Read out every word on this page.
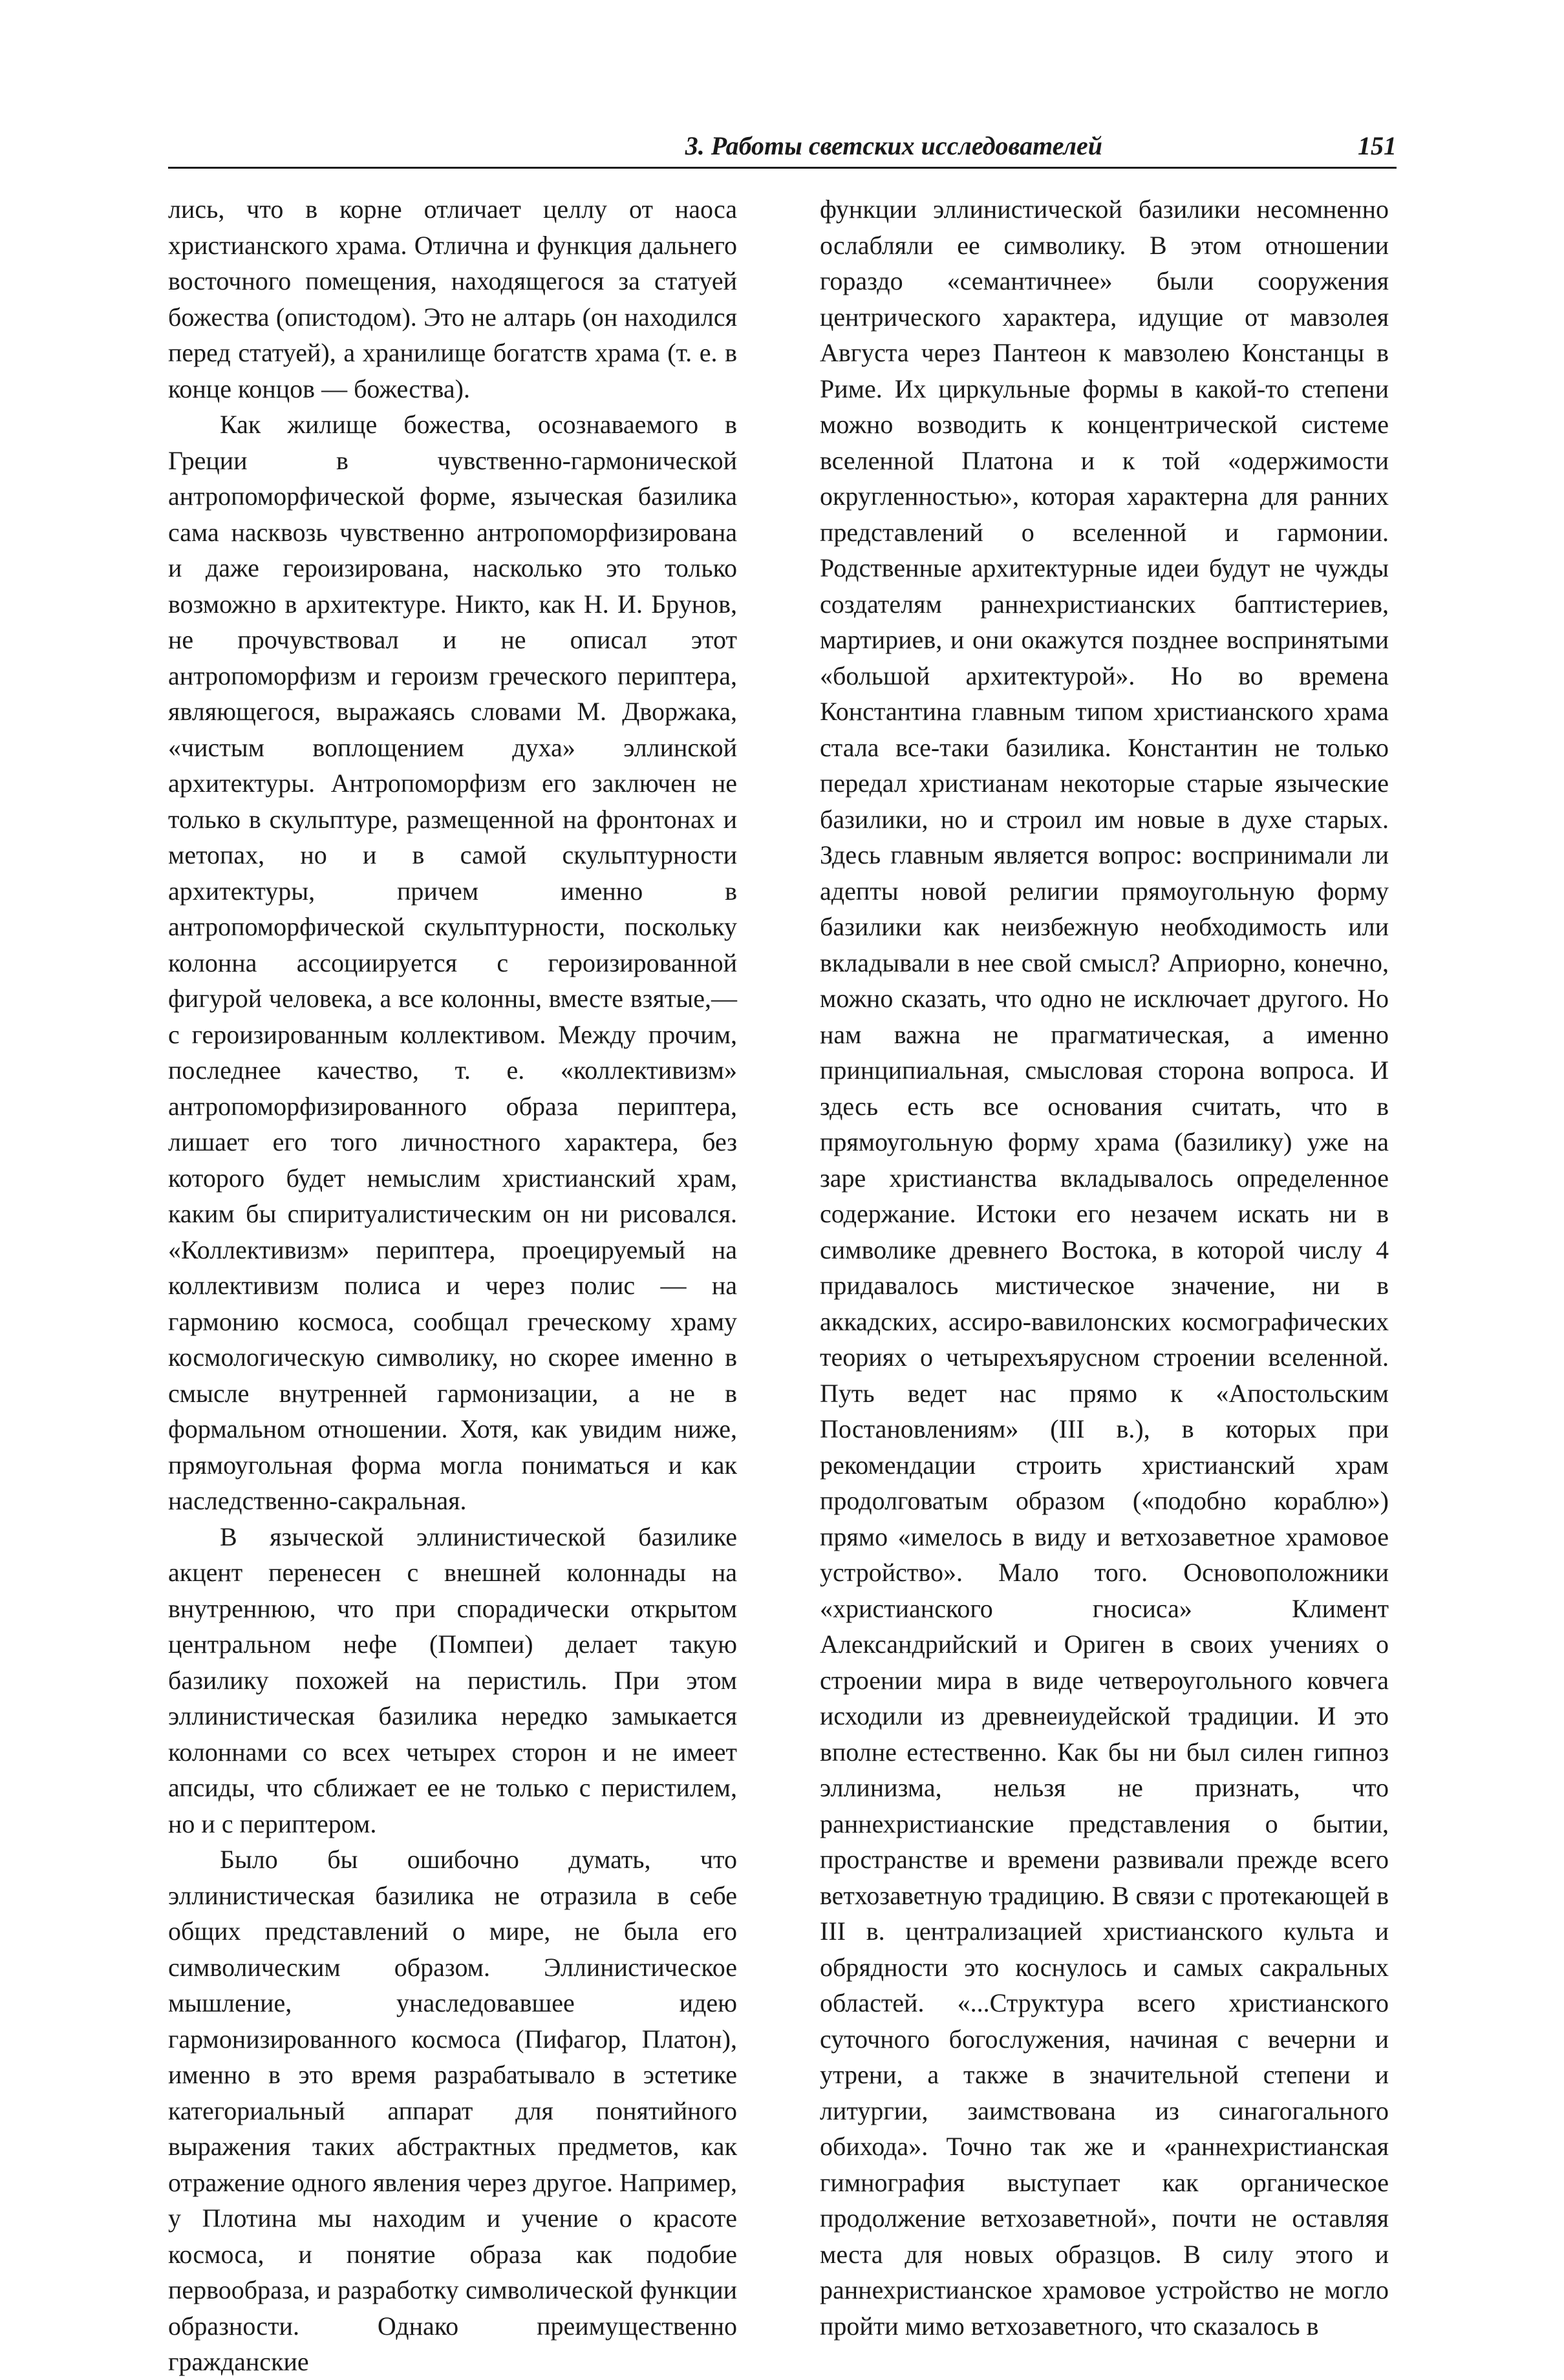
3. Работы светских исследователей	151

лись, что в корне отличает целлу от наоса христианского храма. Отлична и функция дальнего восточного помещения, находящегося за статуей божества (опистодом). Это не алтарь (он находился перед статуей), а хранилище богатств храма (т. е. в конце концов — божества).

Как жилище божества, осознаваемого в Греции в чувственно-гармонической антропоморфической форме, языческая базилика сама насквозь чувственно антропоморфизирована и даже героизирована, насколько это только возможно в архитектуре. Никто, как Н. И. Брунов, не прочувствовал и не описал этот антропоморфизм и героизм греческого периптера, являющегося, выражаясь словами М. Дворжака, «чистым воплощением духа» эллинской архитектуры. Антропоморфизм его заключен не только в скульптуре, размещенной на фронтонах и метопах, но и в самой скульптурности архитектуры, причем именно в антропоморфической скульптурности, поскольку колонна ассоциируется с героизированной фигурой человека, а все колонны, вместе взятые,— с героизированным коллективом. Между прочим, последнее качество, т. е. «коллективизм» антропоморфизированного образа периптера, лишает его того личностного характера, без которого будет немыслим христианский храм, каким бы спиритуалистическим он ни рисовался. «Коллективизм» периптера, проецируемый на коллективизм полиса и через полис — на гармонию космоса, сообщал греческому храму космологическую символику, но скорее именно в смысле внутренней гармонизации, а не в формальном отношении. Хотя, как увидим ниже, прямоугольная форма могла пониматься и как наследственно-сакральная.

В языческой эллинистической базилике акцент перенесен с внешней колоннады на внутреннюю, что при спорадически открытом центральном нефе (Помпеи) делает такую базилику похожей на перистиль. При этом эллинистическая базилика нередко замыкается колоннами со всех четырех сторон и не имеет апсиды, что сближает ее не только с перистилем, но и с периптером.

Было бы ошибочно думать, что эллинистическая базилика не отразила в себе общих представлений о мире, не была его символическим образом. Эллинистическое мышление, унаследовавшее идею гармонизированного космоса (Пифагор, Платон), именно в это время разрабатывало в эстетике категориальный аппарат для понятийного выражения таких абстрактных предметов, как отражение одного явления через другое. Например, у Плотина мы находим и учение о красоте космоса, и понятие образа как подобие первообраза, и разработку символической функции образности. Однако преимущественно гражданские

функции эллинистической базилики несомненно ослабляли ее символику. В этом отношении гораздо «семантичнее» были сооружения центрического характера, идущие от мавзолея Августа через Пантеон к мавзолею Констанцы в Риме. Их циркульные формы в какой-то степени можно возводить к концентрической системе вселенной Платона и к той «одержимости округленностью», которая характерна для ранних представлений о вселенной и гармонии. Родственные архитектурные идеи будут не чужды создателям раннехристианских баптистериев, мартириев, и они окажутся позднее воспринятыми «большой архитектурой». Но во времена Константина главным типом христианского храма стала все-таки базилика. Константин не только передал христианам некоторые старые языческие базилики, но и строил им новые в духе старых. Здесь главным является вопрос: воспринимали ли адепты новой религии прямоугольную форму базилики как неизбежную необходимость или вкладывали в нее свой смысл? Априорно, конечно, можно сказать, что одно не исключает другого. Но нам важна не прагматическая, а именно принципиальная, смысловая сторона вопроса. И здесь есть все основания считать, что в прямоугольную форму храма (базилику) уже на заре христианства вкладывалось определенное содержание. Истоки его незачем искать ни в символике древнего Востока, в которой числу 4 придавалось мистическое значение, ни в аккадских, ассиро-вавилонских космографических теориях о четырехъярусном строении вселенной. Путь ведет нас прямо к «Апостольским Постановлениям» (III в.), в которых при рекомендации строить христианский храм продолговатым образом («подобно кораблю») прямо «имелось в виду и ветхозаветное храмовое устройство». Мало того. Основоположники «христианского гносиса» Климент Александрийский и Ориген в своих учениях о строении мира в виде четвероугольного ковчега исходили из древнеиудейской традиции. И это вполне естественно. Как бы ни был силен гипноз эллинизма, нельзя не признать, что раннехристианские представления о бытии, пространстве и времени развивали прежде всего ветхозаветную традицию. В связи с протекающей в III в. централизацией христианского культа и обрядности это коснулось и самых сакральных областей. «...Структура всего христианского суточного богослужения, начиная с вечерни и утрени, а также в значительной степени и литургии, заимствована из синагогального обихода». Точно так же и «раннехристианская гимнография выступает как органическое продолжение ветхозаветной», почти не оставляя места для новых образцов. В силу этого и раннехристианское храмовое устройство не могло пройти мимо ветхозаветного, что сказалось в
